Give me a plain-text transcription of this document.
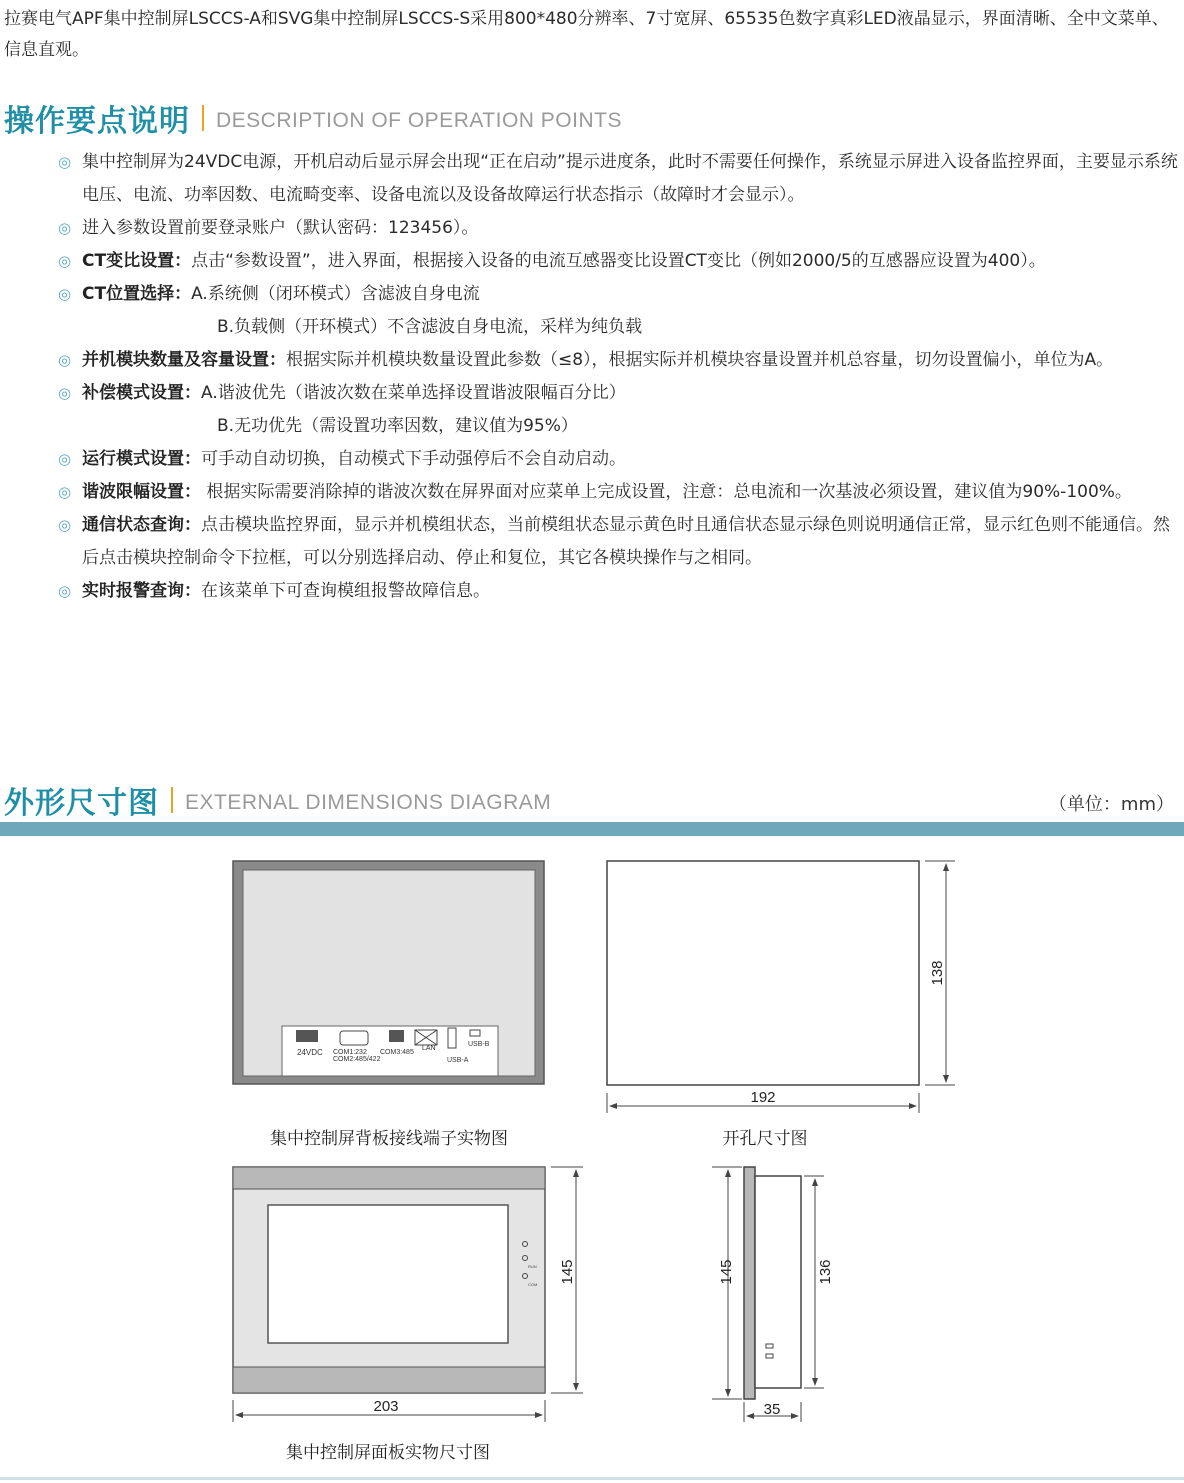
拉赛电气APF集中控制屏LSCCS-A和SVG集中控制屏LSCCS-S采用800*480分辨率、7寸宽屏、65535色数字真彩LED液晶显示，界面清晰、全中文菜单、信息直观。
操作要点说明 DESCRIPTION OF OPERATION POINTS
◎ 集中控制屏为24VDC电源，开机启动后显示屏会出现“正在启动”提示进度条，此时不需要任何操作，系统显示屏进入设备监控界面，主要显示系统电压、电流、功率因数、电流畸变率、设备电流以及设备故障运行状态指示（故障时才会显示）。
◎ 进入参数设置前要登录账户（默认密码：123456）。
◎ CT变比设置：点击“参数设置”，进入界面，根据接入设备的电流互感器变比设置CT变比（例如2000/5的互感器应设置为400）。
◎ CT位置选择：A.系统侧（闭环模式）含滤波自身电流
B.负载侧（开环模式）不含滤波自身电流，采样为纯负载
◎ 并机模块数量及容量设置：根据实际并机模块数量设置此参数（≤8），根据实际并机模块容量设置并机总容量，切勿设置偏小，单位为A。
◎ 补偿模式设置：A.谐波优先（谐波次数在菜单选择设置谐波限幅百分比）
B.无功优先（需设置功率因数，建议值为95%）
◎ 运行模式设置：可手动自动切换，自动模式下手动强停后不会自动启动。
◎ 谐波限幅设置： 根据实际需要消除掉的谐波次数在屏界面对应菜单上完成设置，注意：总电流和一次基波必须设置，建议值为90%-100%。
◎ 通信状态查询：点击模块监控界面，显示并机模组状态，当前模组状态显示黄色时且通信状态显示绿色则说明通信正常，显示红色则不能通信。然后点击模块控制命令下拉框，可以分别选择启动、停止和复位，其它各模块操作与之相同。
◎ 实时报警查询：在该菜单下可查询模组报警故障信息。
外形尺寸图 EXTERNAL DIMENSIONS DIAGRAM	（单位：mm）
24VDC COM1:232
COM2:485/422
COM3:485
LAN
USB-A
USB-B
集中控制屏背板接线端子实物图
138
192
开孔尺寸图
RUN
COM 145
203
集中控制屏面板实物尺寸图
145	136
35
